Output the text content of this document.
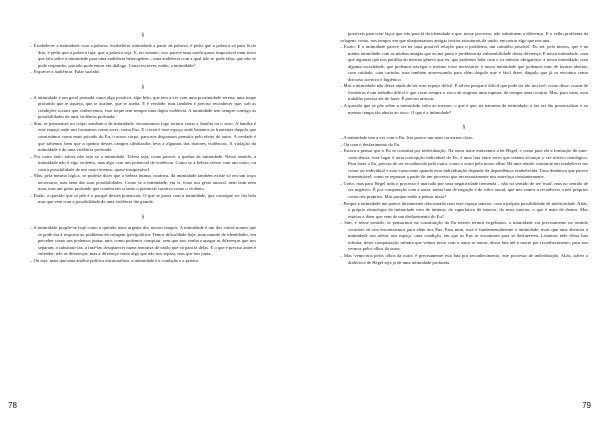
§

– Estabelecer a intimidade com a palavra, estabelecer intimidade a partir da palavra, é pedir que a palavra vá para lá do dito, é pedir que a palavra fuja: que a palavra seja. E, no entanto, isso parece uma tarefa quase impossível num texto que fala sobre a intimidade para uma audiência heterogénea – uma audiência com a qual não se pode falar, que não se pode responder, que não pode entrar em diálogo. Como escrever, então, a intimidade?

– Esquecer a audiência. Falar sozinho.

§

– A intimidade é um geral pensada como algo positivo, algo belo, que tem a ver com uma proximidade serena, uma toque profundo que te aqueça, que te acalme, que te aceita. E é verdade, mas também é preciso reconhecer que, sob as condições sociais que conhecemos, esse toque tem sempre uma dupla violência. A intimidade tem sempre consigo as possibilidades de uma violência profunda.

– Sim, se pensarmos no corpo semântico da intimidade, encontramos logo termos como a família ou o sexo. A família é esse espaço onde nos formamos como seres, como Eus. E o sexo é esse espaço onde batemos as fronteiras daquilo que construímos como mais privado do Eu, o nosso corpo, para nos dispormos permitir pelo efeito do outro. A verdade é que sabemos bem que a quebra desses campos idealizados leva a algumas das maiores violências. A violação da intimidade é de uma violência profunda.

– Por outro lado, talvez não seja só a intimidade. Talvez seja, como parece, a quebra da intimidade. Nesse sentido, a intimidade não é algo violento, mas algo com um potencial de violência. Como se a beleza viesse com um custo, ou com a possibilidade de um custo imenso, quase insuportável.

– Mas, pela mesma lógica, se poderia dizer que a beleza íntima, curativa, da intimidade também existe só em um traço necessário, mas uma das suas possibilidades. Como se a intimidade, em si, fosse um gesto amoral, nem bom nem mau, mas um gesto profundo que contém em si tanto o potencial curativo como o violento.

– Então, a questão que se põe é o porquê desses potenciais. O que se passa com a intimidade, que consegue ser tão bela mas que vem com a possibilidade de uma violência tão grande.

§

– A intimidade propõe-se hoje como a questão mais urgente dos nossos tempos. A intimidade é um dos vários nomes que se pode dar à resposta ao problema da colagem (pós)política. Temos dificuldade hoje, num mundo de identidades, em perceber como nos podemos juntar, unir, como podemos conspirar, sem que isso venha a apagar as diferenças que nos separam, a substituir-las, a fazê-las desaparecer numa tentativa de união que vá para lá delas. E o que é preciso antes é entender, não as diferenças, mas a diferença como algo que não nos separa, mas que nos junta.

– Ou seja, mais que uma análise política estruturalista, a intimidade é a condição e a prática

78

possíveis para criar laços que vão para lá da identidade e que, nesse processo, não substituem a diferença. E o velho problema da colagem: como, nos tempos em que ultrapassamos antigas teorias estruturais da união, encontrar algo que nos una.

– Exato. E a intimidade parece ser ter uma possível relação para o problema, um caminho possível. Eu sei, pelo menos, que é na minha intimidade com as minhas amigas que eu me junto e problema da vulnerabilidade dessa diferença. E nessa intimidade, com que algumas que nos partilha do mesmo gênero que eu, que podemos falar com o sir trânsito obrigatório: a nossa intimidade, com alguma socialidade, que podemos navegar o mesmo torso necessário: e nossa intimidade que podemos trair de formas abertas, com cuidado, com carinho, mas também atravessando para além daquilo que é fácil dizer, daquilo que já se encontra como discurso acertivo e higiênico.

– Mas a intimidade não deixa ainda de ser esse espaço difícil. É talvez porque é difícil que pode ser tão incrível, como disse, cruzar de fronteiras é um trabalho difícil e que corre sempre o risco de originar uma ruptura, de romper uma cicatriz. Mas, para sarar, essa trabalho precisa ser de fazer. É preciso arriscar.

– A questão que se põe sobre a intimidade volta ao mesmo: o que é que, na natureza da intimidade, a faz ser tão potencializar e ao mesmo tempo tão aberta ao risco. O que é a intimidade?

§

– A intimidade tem a ver com o Eu. Isto parece um mais ou menos claro.

– Ou com o desfazimento do Eu.

– Estava a pensar que o Eu se constitui por individuação. Na outra noite estávamos a ler Hegel, e como para ele a formação do auto-consciência, esse lugar é uma concepção individual do Eu, é uma luta entre seres que tentam alcançar o ser reativo ontológico. Para fazer o Eu, precisa de ser reconhecido pelo outro, como o outro pelo nosso olhar. Há uma tensão constante em estabelecer me como ser individual e auto-consciente quando essa individuação depende da dependência estabelecida. Uma dinâmica que parece interminável, como se repousar a partir de um processo que necessariamente nos entrelaça constantemente.

– Certo, mas para Hegel todo o processo é marcado por uma negatividade tremenda – não no sentido de ser 'mau', mas no sentido de ser negativo. É por comparação com a outra, numa luta de negação e de valor moral, que nos vamos a reconhecer a nós próprios como nós próprios. Mas porque então a pensar nisso?

– Porque a intimidade me parece diretamente relacionada com esse espaço interior, com a própria possibilidade de interioridade. Aliás, a própria etimologia da intimidade vem de intimus, do superlativo de interior, do mais interior, o que é mais de dentro. Mas estavas a dizer que vem de um desfazimento do Eu?

– Sim, e nesse sentido, se pensarmos na constituição do Eu nesses termos hegelianos, a intimidade vai precisamente no sentido contrário de nos encontrarmos para além dos Eus. Para mim, esse é fundamentalmente a intimidade, mais que uma abertura à intimidade nos afetar, um espaço, uma condição, em que os Eus se encontram para se desfazerem. Listamos mãe dessa luta infinita, deste conquistação infinita que vemos nisso com a outra se entrar, dessa luta até à morte por reconhecimento, para nos vermos pelos olhos da outra.

– Mas 'vemo-nos pelos olhos da outra' é precisamente esta luta por reconhecimento, este processo de individuação. Aliás, talvez a dialéctica de Hegel seja já de uma intimidade profunda.

79
